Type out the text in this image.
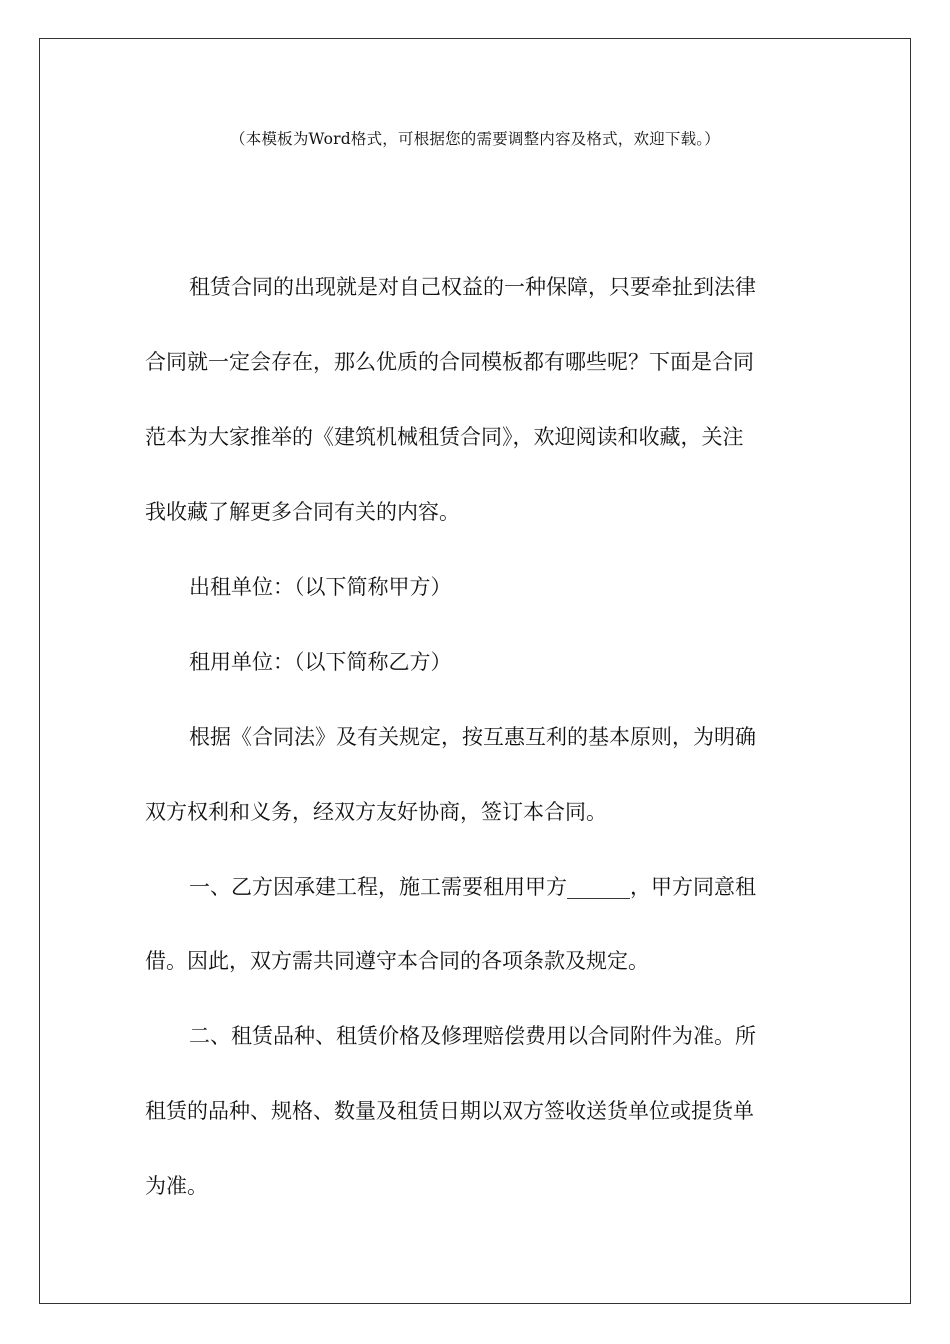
（本模板为Word格式，可根据您的需要调整内容及格式，欢迎下载。）
租赁合同的出现就是对自己权益的一种保障，只要牵扯到法律
合同就一定会存在，那么优质的合同模板都有哪些呢？下面是合同
范本为大家推举的《建筑机械租赁合同》，欢迎阅读和收藏，关注
我收藏了解更多合同有关的内容。
出租单位：（以下简称甲方）
租用单位：（以下简称乙方）
根据《合同法》及有关规定，按互惠互利的基本原则，为明确
双方权利和义务，经双方友好协商，签订本合同。
一、乙方因承建工程，施工需要租用甲方______，甲方同意租
借。因此，双方需共同遵守本合同的各项条款及规定。
二、租赁品种、租赁价格及修理赔偿费用以合同附件为准。所
租赁的品种、规格、数量及租赁日期以双方签收送货单位或提货单
为准。
